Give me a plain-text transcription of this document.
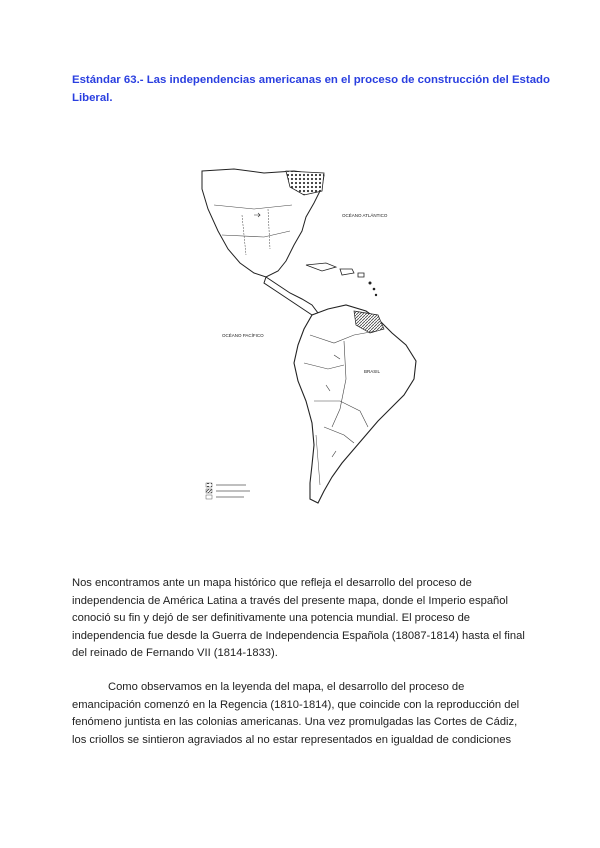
Estándar 63.- Las independencias americanas en el proceso de construcción del Estado
Liberal.
OCÉANO ATLÁNTICO
OCÉANO PACÍFICO
BRASIL

Nos encontramos ante un mapa histórico que refleja el desarrollo del proceso de
independencia de América Latina a través del presente mapa, donde el Imperio español
conoció su fin y dejó de ser definitivamente una potencia mundial. El proceso de
independencia fue desde la Guerra de Independencia Española (18087-1814) hasta el final
del reinado de Fernando VII (1814-1833).

Como observamos en la leyenda del mapa, el desarrollo del proceso de
emancipación comenzó en la Regencia (1810-1814), que coincide con la reproducción del
fenómeno juntista en las colonias americanas. Una vez promulgadas las Cortes de Cádiz,
los criollos se sintieron agraviados al no estar representados en igualdad de condiciones
